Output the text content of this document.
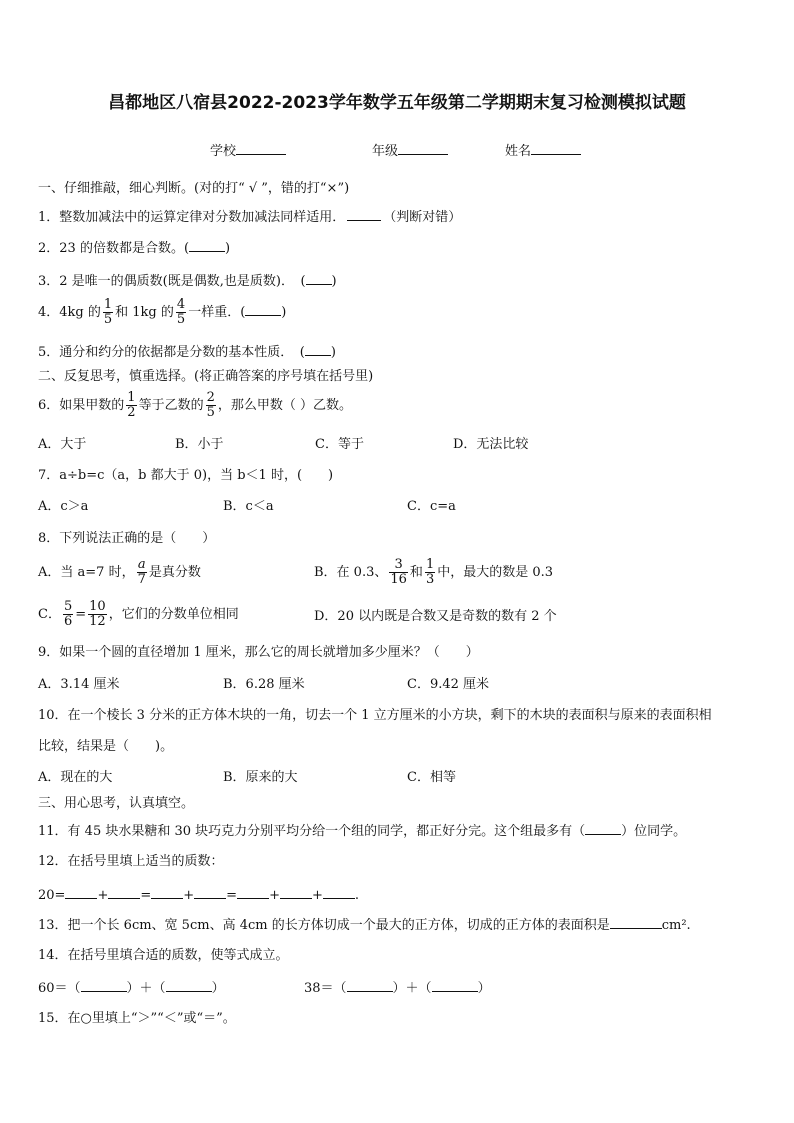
昌都地区八宿县2022-2023学年数学五年级第二学期期末复习检测模拟试题
学校	年级	姓名
一、仔细推敲，细心判断。(对的打“ √ ”，错的打“×”)
1．整数加减法中的运算定律对分数加减法同样适用．	（判断对错）
2．23 的倍数都是合数。(	)
3．2 是唯一的偶质数(既是偶数,也是质数)．　( )
4．4kg 的 $\frac{1}{5}$ 和 1kg 的 $\frac{4}{5}$ 一样重．(	)
5．通分和约分的依据都是分数的基本性质．　( )
二、反复思考，慎重选择。(将正确答案的序号填在括号里)
6．如果甲数的 $\frac{1}{2}$ 等于乙数的 $\frac{2}{5}$ ，那么甲数（ ）乙数。
A．大于	B．小于	C．等于	D．无法比较
7．a÷b=c（a，b 都大于 0)，当 b＜1 时，(　　)
A．c＞a	B．c＜a	C．c=a
8．下列说法正确的是（　　）
A．当 a=7 时， $\frac{a}{7}$ 是真分数	B．在 0.3、 $\frac{3}{16}$ 和 $\frac{1}{3}$ 中，最大的数是 0.3
C． $\frac{5}{6} = \frac{10}{12}$ ，它们的分数单位相同	D．20 以内既是合数又是奇数的数有 2 个
9．如果一个圆的直径增加 1 厘米，那么它的周长就增加多少厘米？（　　）
A．3.14 厘米	B．6.28 厘米	C．9.42 厘米
10．在一个棱长 3 分米的正方体木块的一角，切去一个 1 立方厘米的小方块，剩下的木块的表面积与原来的表面积相
比较，结果是（　　)。
A．现在的大	B．原来的大	C．相等
三、用心思考，认真填空。
11．有 45 块水果糖和 30 块巧克力分别平均分给一个组的同学，都正好分完。这个组最多有（	）位同学。
12．在括号里填上适当的质数：
20= + = + = + + .
13．把一个长 6cm、宽 5cm、高 4cm 的长方体切成一个最大的正方体，切成的正方体的表面积是	cm².
14．在括号里填合适的质数，使等式成立。
60＝（	）＋（	）	38＝（	）＋（	）
15．在○里填上“＞”“＜”或“＝”。
